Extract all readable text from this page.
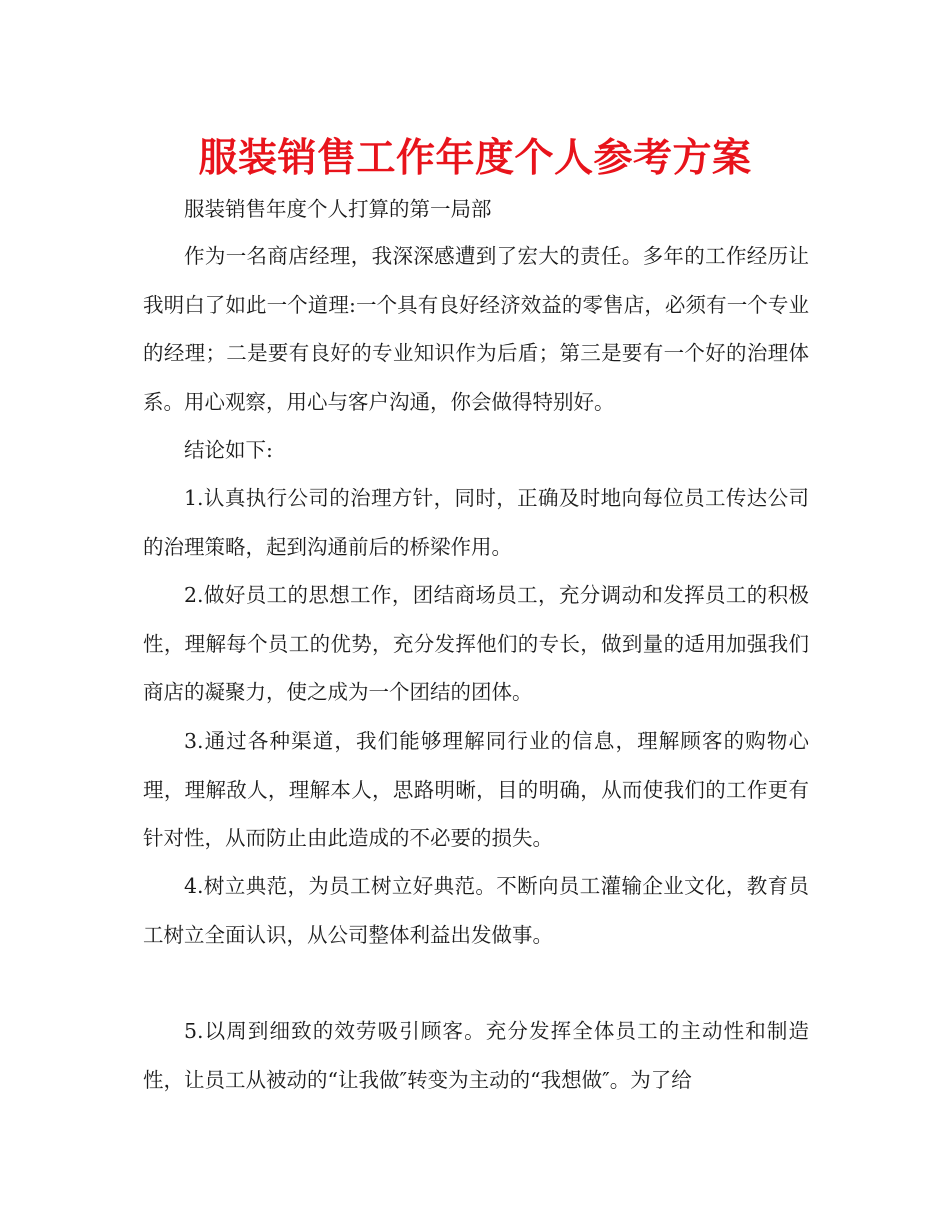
服装销售工作年度个人参考方案

服装销售年度个人打算的第一局部

作为一名商店经理，我深深感遭到了宏大的责任。多年的工作经历让我明白了如此一个道理:一个具有良好经济效益的零售店，必须有一个专业的经理；二是要有良好的专业知识作为后盾；第三是要有一个好的治理体系。用心观察，用心与客户沟通，你会做得特别好。

结论如下:

1.认真执行公司的治理方针，同时，正确及时地向每位员工传达公司的治理策略，起到沟通前后的桥梁作用。

2.做好员工的思想工作，团结商场员工，充分调动和发挥员工的积极性，理解每个员工的优势，充分发挥他们的专长，做到量的适用加强我们商店的凝聚力，使之成为一个团结的团体。

3.通过各种渠道，我们能够理解同行业的信息，理解顾客的购物心理，理解敌人，理解本人，思路明晰，目的明确，从而使我们的工作更有针对性，从而防止由此造成的不必要的损失。

4.树立典范，为员工树立好典范。不断向员工灌输企业文化，教育员工树立全面认识，从公司整体利益出发做事。

5.以周到细致的效劳吸引顾客。充分发挥全体员工的主动性和制造性，让员工从被动的“让我做″转变为主动的“我想做″。为了给
